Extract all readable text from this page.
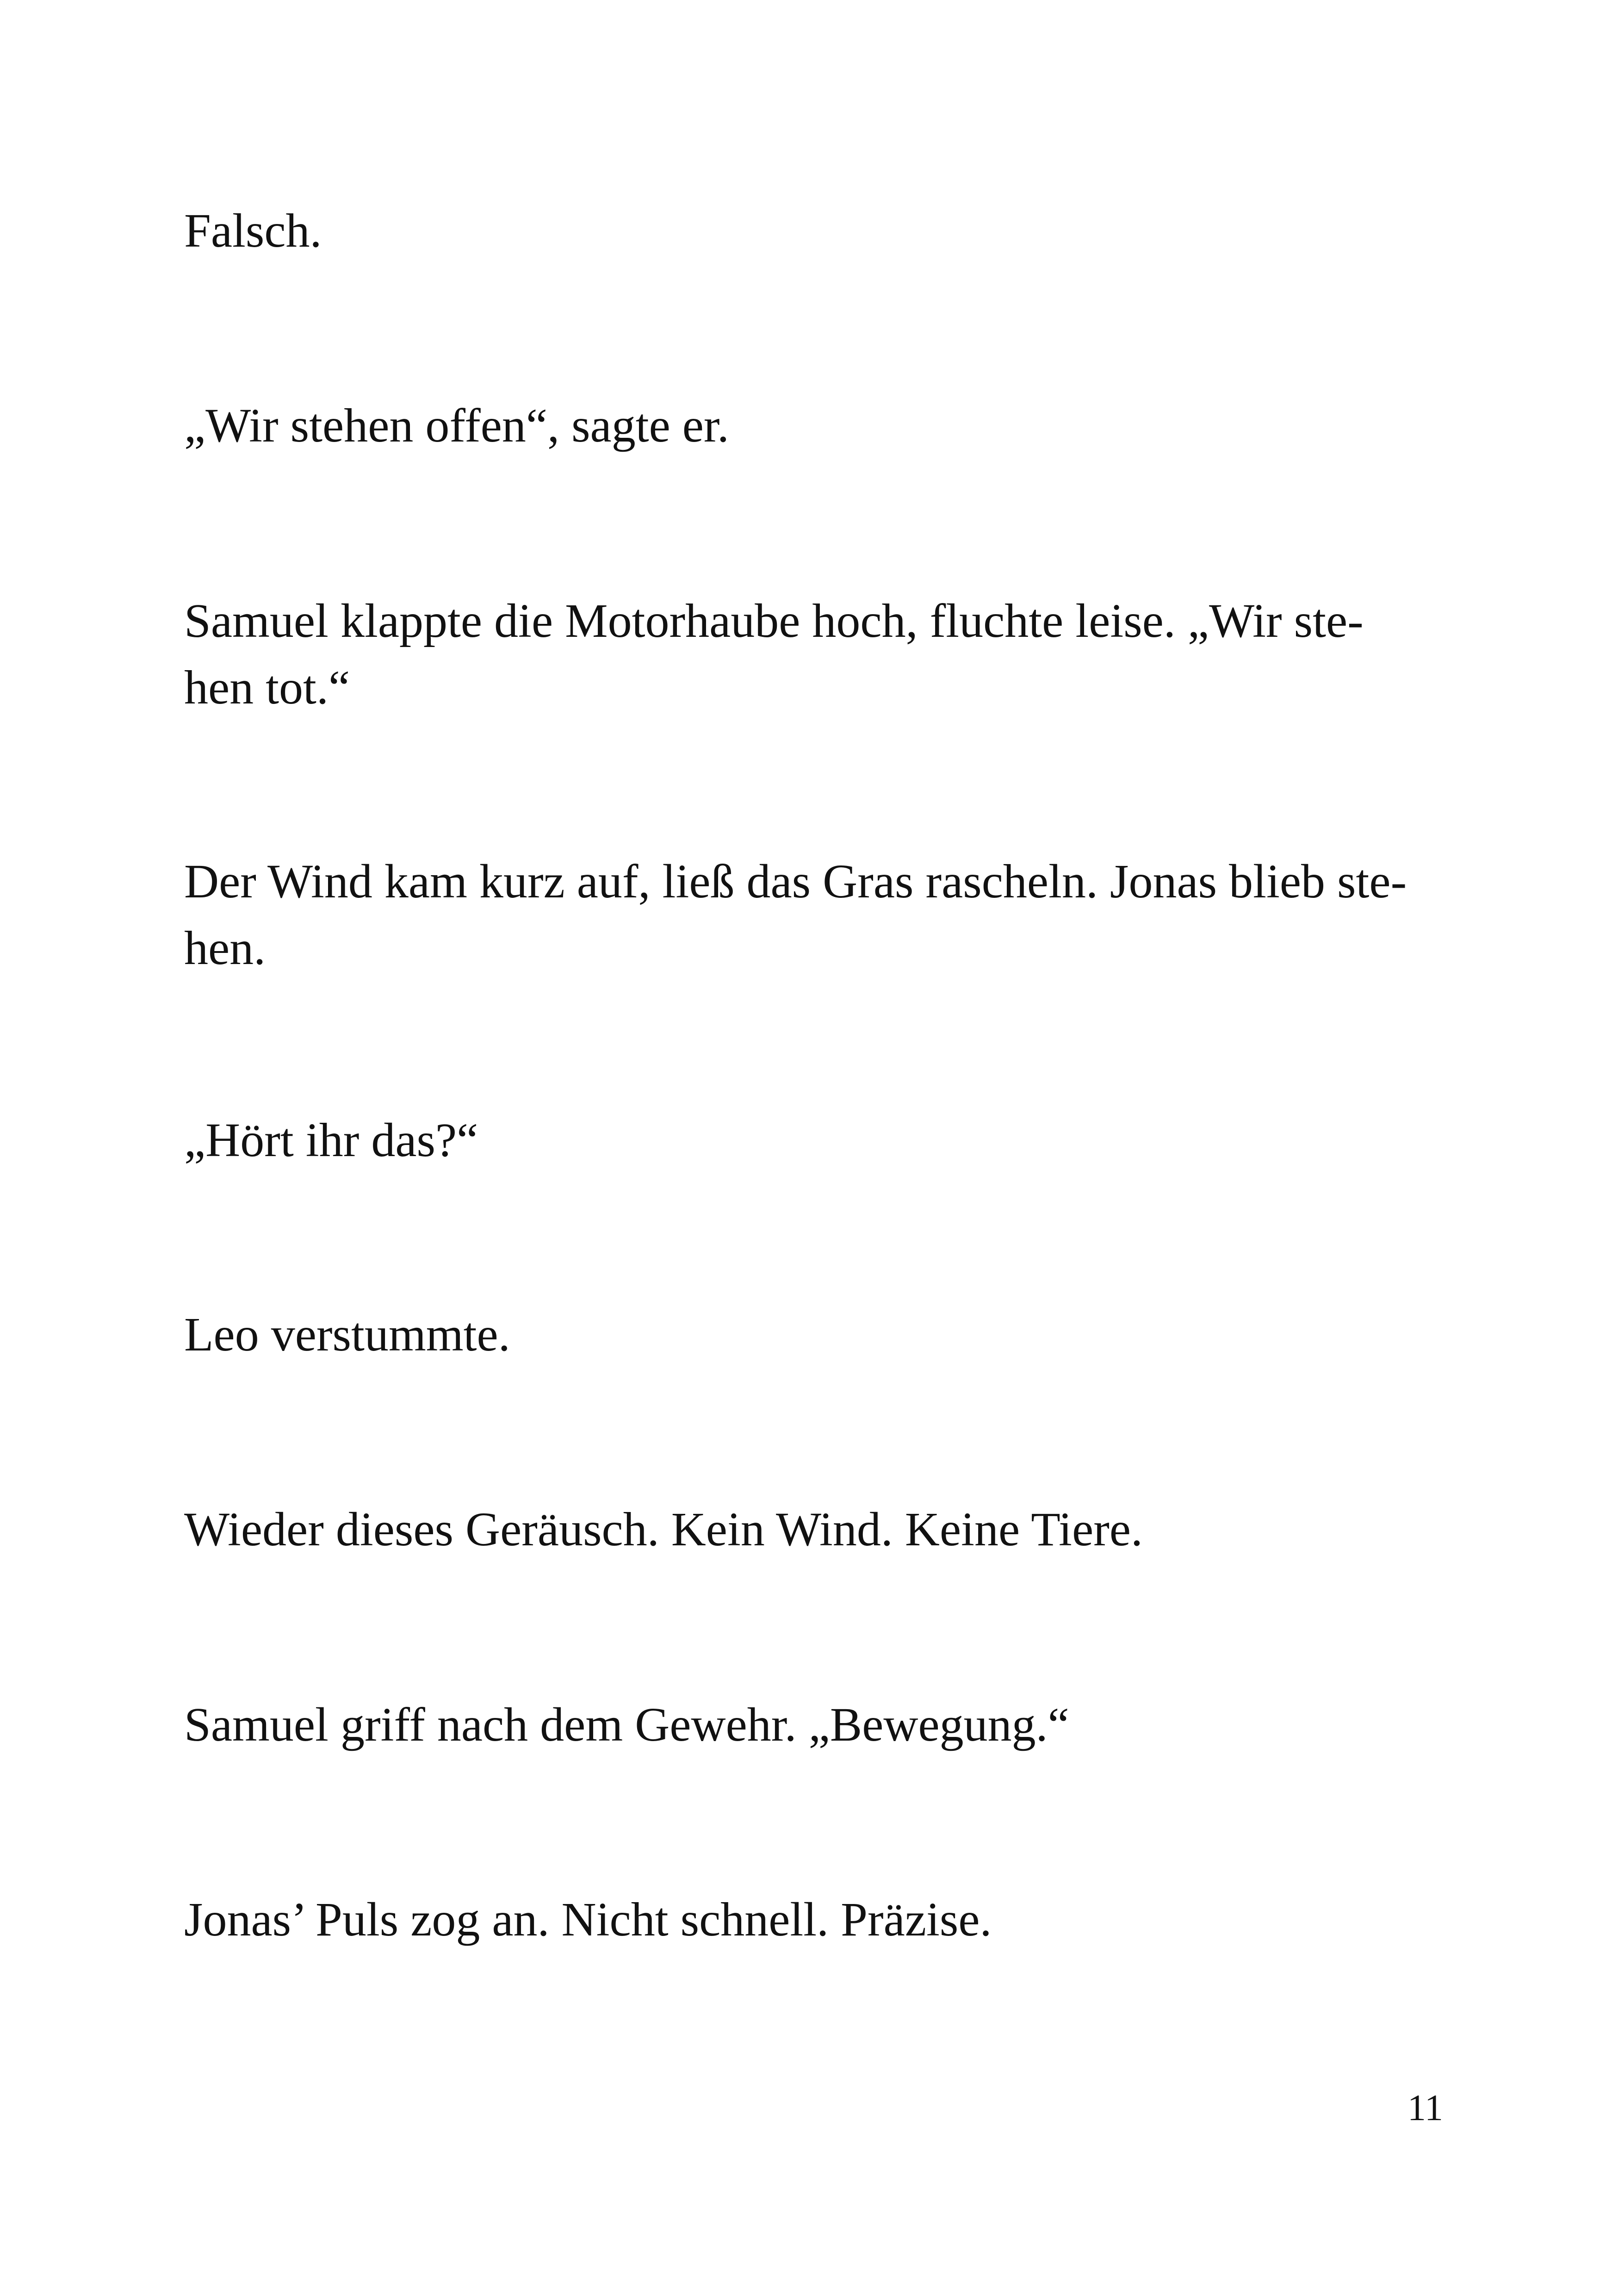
Falsch.

„Wir stehen offen“, sagte er.

Samuel klappte die Motorhaube hoch, fluchte leise. „Wir ste-
hen tot.“

Der Wind kam kurz auf, ließ das Gras rascheln. Jonas blieb ste-
hen.

„Hört ihr das?“

Leo verstummte.

Wieder dieses Geräusch. Kein Wind. Keine Tiere.

Samuel griff nach dem Gewehr. „Bewegung.“

Jonas’ Puls zog an. Nicht schnell. Präzise.

11
